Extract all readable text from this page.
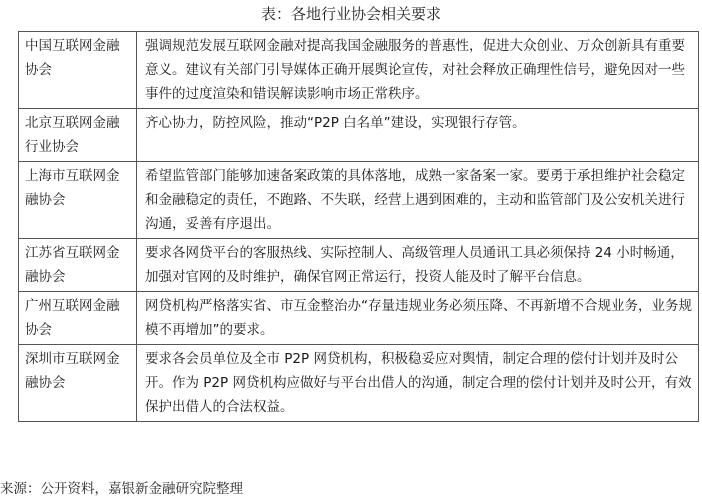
表：各地行业协会相关要求
中国互联网金融协会	强调规范发展互联网金融对提高我国金融服务的普惠性，促进大众创业、万众创新具有重要意义。建议有关部门引导媒体正确开展舆论宣传，对社会释放正确理性信号，避免因对一些事件的过度渲染和错误解读影响市场正常秩序。
北京互联网金融行业协会	齐心协力，防控风险，推动“P2P 白名单”建设，实现银行存管。
上海市互联网金融协会	希望监管部门能够加速备案政策的具体落地，成熟一家备案一家。要勇于承担维护社会稳定和金融稳定的责任，不跑路、不失联，经营上遇到困难的，主动和监管部门及公安机关进行沟通，妥善有序退出。
江苏省互联网金融协会	要求各网贷平台的客服热线、实际控制人、高级管理人员通讯工具必须保持 24 小时畅通，加强对官网的及时维护，确保官网正常运行，投资人能及时了解平台信息。
广州互联网金融协会	网贷机构严格落实省、市互金整治办“存量违规业务必须压降、不再新增不合规业务，业务规模不再增加”的要求。
深圳市互联网金融协会	要求各会员单位及全市 P2P 网贷机构，积极稳妥应对舆情，制定合理的偿付计划并及时公开。作为 P2P 网贷机构应做好与平台出借人的沟通，制定合理的偿付计划并及时公开，有效保护出借人的合法权益。
来源：公开资料，嘉银新金融研究院整理
